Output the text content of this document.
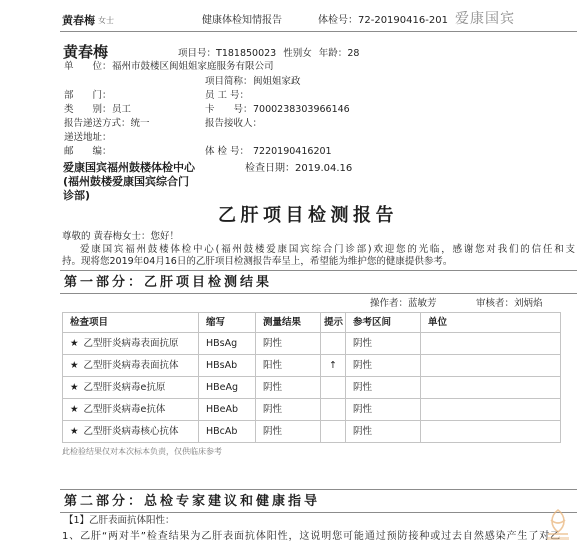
黄春梅 女士	健康体检知情报告	体检号：72-20190416-201 爱康国宾
黄春梅	项目号：T181850023 性别女 年龄：28
单　　位：福州市鼓楼区闽姐姐家庭服务有限公司
项目简称：闽姐姐家政
部　　门：	员 工 号：
类　　别：员工	卡　　号：7000238303966146
报告递送方式：统一	报告接收人：
递送地址：
邮　　编：	体 检 号： 7220190416201
爱康国宾福州鼓楼体检中心
(福州鼓楼爱康国宾综合门
诊部)
检查日期：2019.04.16
乙肝项目检测报告
尊敬的 黄春梅女士：您好！
爱康国宾福州鼓楼体检中心(福州鼓楼爱康国宾综合门诊部)欢迎您的光临，感谢您对我们的信任和支
持。现将您2019年04月16日的乙肝项目检测报告奉呈上，希望能为维护您的健康提供参考。
第一部分：乙肝项目检测结果
操作者：蓝敏芳	审核者：刘炳焰
检查项目	缩写	测量结果	提示	参考区间	单位
★ 乙型肝炎病毒表面抗原	HBsAg	阴性		阴性	
★ 乙型肝炎病毒表面抗体	HBsAb	阳性	↑	阴性	
★ 乙型肝炎病毒e抗原	HBeAg	阴性		阴性	
★ 乙型肝炎病毒e抗体	HBeAb	阴性		阴性	
★ 乙型肝炎病毒核心抗体	HBcAb	阴性		阴性	
此检验结果仅对本次标本负责，仅供临床参考
第二部分：总检专家建议和健康指导
【1】乙肝表面抗体阳性：
1、乙肝“两对半”检查结果为乙肝表面抗体阳性，这说明您可能通过预防接种或过去自然感染产生了对乙
